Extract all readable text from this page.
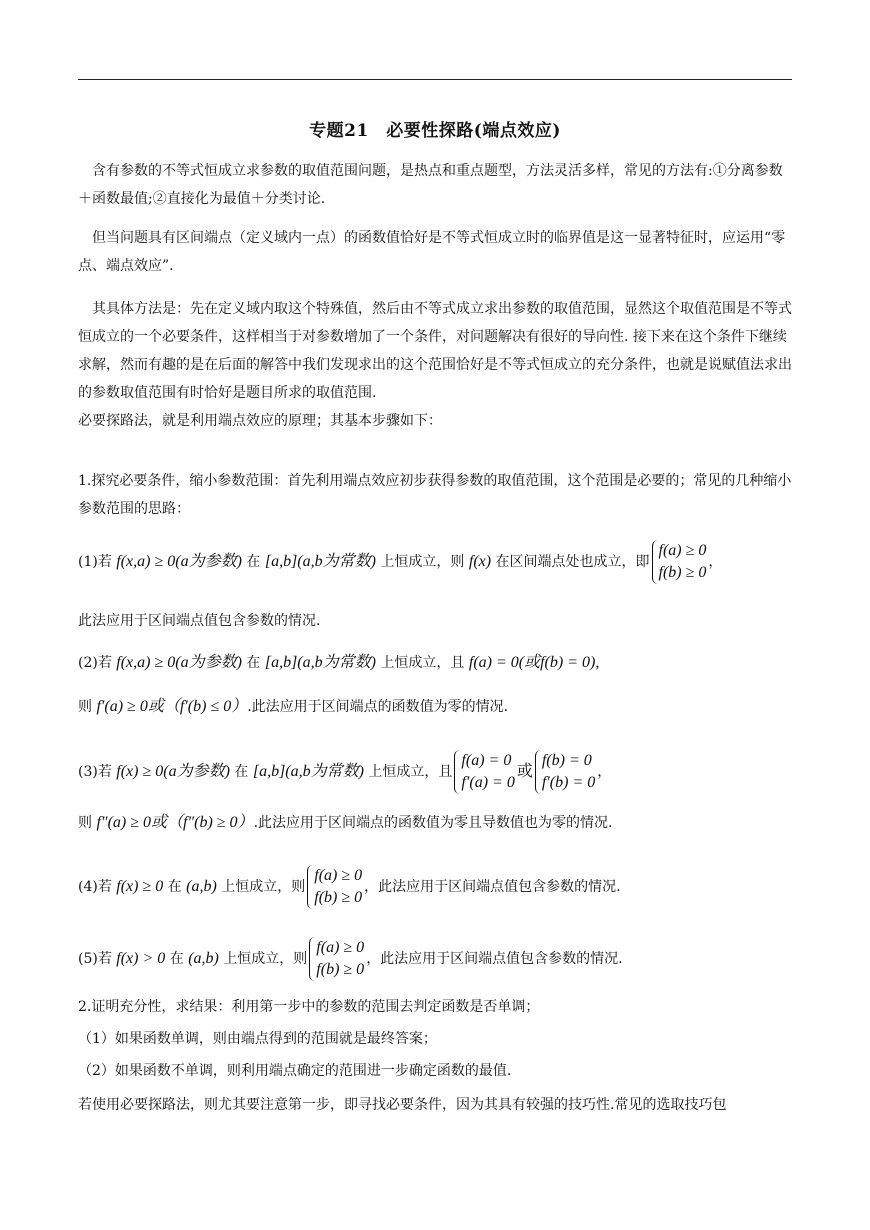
专题21　必要性探路(端点效应)
含有参数的不等式恒成立求参数的取值范围问题，是热点和重点题型，方法灵活多样，常见的方法有:①分离参数＋函数最值;②直接化为最值＋分类讨论.
但当问题具有区间端点（定义域内一点）的函数值恰好是不等式恒成立时的临界值是这一显著特征时，应运用“零点、端点效应”.
其具体方法是：先在定义域内取这个特殊值，然后由不等式成立求出参数的取值范围，显然这个取值范围是不等式恒成立的一个必要条件，这样相当于对参数增加了一个条件，对问题解决有很好的导向性. 接下来在这个条件下继续求解，然而有趣的是在后面的解答中我们发现求出的这个范围恰好是不等式恒成立的充分条件，也就是说赋值法求出的参数取值范围有时恰好是题目所求的取值范围.
必要探路法，就是利用端点效应的原理；其基本步骤如下：
1.探究必要条件，缩小参数范围：首先利用端点效应初步获得参数的取值范围，这个范围是必要的；常见的几种缩小参数范围的思路：
(1)若 f(x,a) ≥ 0(a为参数) 在 [a,b](a,b为常数) 上恒成立，则 f(x) 在区间端点处也成立，即
f(a) ≥ 0
f(b) ≥ 0
，
此法应用于区间端点值包含参数的情况.
(2)若 f(x,a) ≥ 0(a为参数) 在 [a,b](a,b为常数) 上恒成立，且 f(a) = 0(或f(b) = 0),
则 f′(a) ≥ 0或（f′(b) ≤ 0）.此法应用于区间端点的函数值为零的情况.
(3)若 f(x) ≥ 0(a为参数) 在 [a,b](a,b为常数) 上恒成立，且
f(a) = 0
f′(a) = 0
或
f(b) = 0
f′(b) = 0
，
则 f″(a) ≥ 0或（f″(b) ≥ 0）.此法应用于区间端点的函数值为零且导数值也为零的情况.
(4)若 f(x) ≥ 0 在 (a,b) 上恒成立，则
f(a) ≥ 0
f(b) ≥ 0
，此法应用于区间端点值包含参数的情况.
(5)若 f(x) > 0 在 (a,b) 上恒成立，则
f(a) ≥ 0
f(b) ≥ 0
，此法应用于区间端点值包含参数的情况.
2.证明充分性，求结果：利用第一步中的参数的范围去判定函数是否单调；
（1）如果函数单调，则由端点得到的范围就是最终答案；
（2）如果函数不单调，则利用端点确定的范围进一步确定函数的最值.
若使用必要探路法，则尤其要注意第一步，即寻找必要条件，因为其具有较强的技巧性.常见的选取技巧包
